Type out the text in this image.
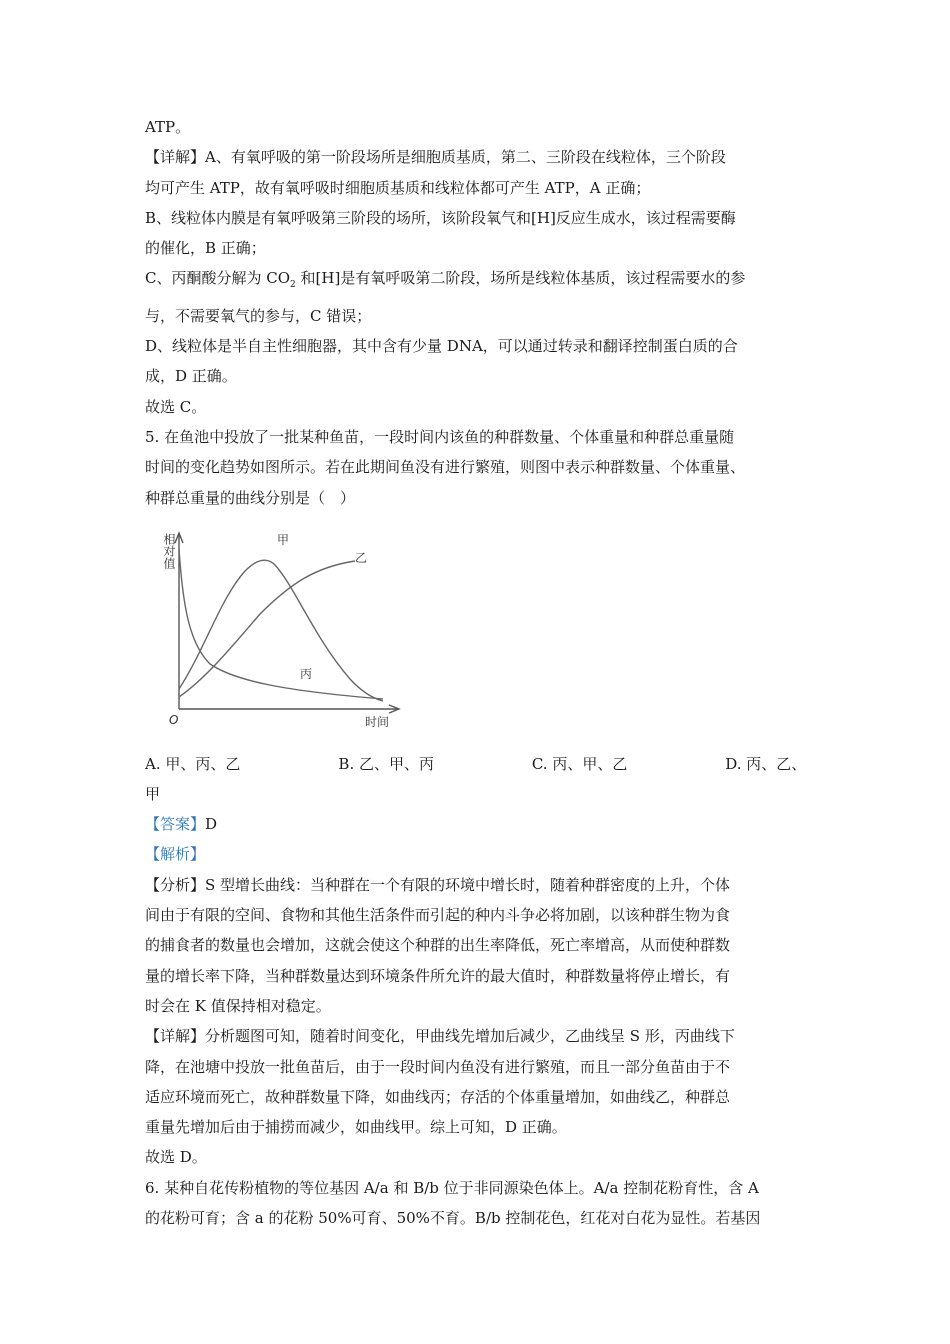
ATP。
【详解】A、有氧呼吸的第一阶段场所是细胞质基质，第二、三阶段在线粒体，三个阶段
均可产生 ATP，故有氧呼吸时细胞质基质和线粒体都可产生 ATP，A 正确；
B、线粒体内膜是有氧呼吸第三阶段的场所，该阶段氧气和[H]反应生成水，该过程需要酶
的催化，B 正确；
C、丙酮酸分解为 $CO_2$ 和[H]是有氧呼吸第二阶段，场所是线粒体基质，该过程需要水的参
与，不需要氧气的参与，C 错误；
D、线粒体是半自主性细胞器，其中含有少量 DNA，可以通过转录和翻译控制蛋白质的合
成，D 正确。
故选 C。
5. 在鱼池中投放了一批某种鱼苗，一段时间内该鱼的种群数量、个体重量和种群总重量随
时间的变化趋势如图所示。若在此期间鱼没有进行繁殖，则图中表示种群数量、个体重量、
种群总重量的曲线分别是（　）
相对值	甲
乙
丙
O	时间
A. 甲、丙、乙	B. 乙、甲、丙	C. 丙、甲、乙	D. 丙、乙、
甲
【答案】D
【解析】
【分析】S 型增长曲线：当种群在一个有限的环境中增长时，随着种群密度的上升，个体
间由于有限的空间、食物和其他生活条件而引起的种内斗争必将加剧，以该种群生物为食
的捕食者的数量也会增加，这就会使这个种群的出生率降低，死亡率增高，从而使种群数
量的增长率下降，当种群数量达到环境条件所允许的最大值时，种群数量将停止增长，有
时会在 K 值保持相对稳定。
【详解】分析题图可知，随着时间变化，甲曲线先增加后减少，乙曲线呈 S 形，丙曲线下
降，在池塘中投放一批鱼苗后，由于一段时间内鱼没有进行繁殖，而且一部分鱼苗由于不
适应环境而死亡，故种群数量下降，如曲线丙；存活的个体重量增加，如曲线乙，种群总
重量先增加后由于捕捞而减少，如曲线甲。综上可知，D 正确。
故选 D。
6. 某种自花传粉植物的等位基因 A/a 和 B/b 位于非同源染色体上。A/a 控制花粉育性，含 A
的花粉可育；含 a 的花粉 50%可育、50%不育。B/b 控制花色，红花对白花为显性。若基因
